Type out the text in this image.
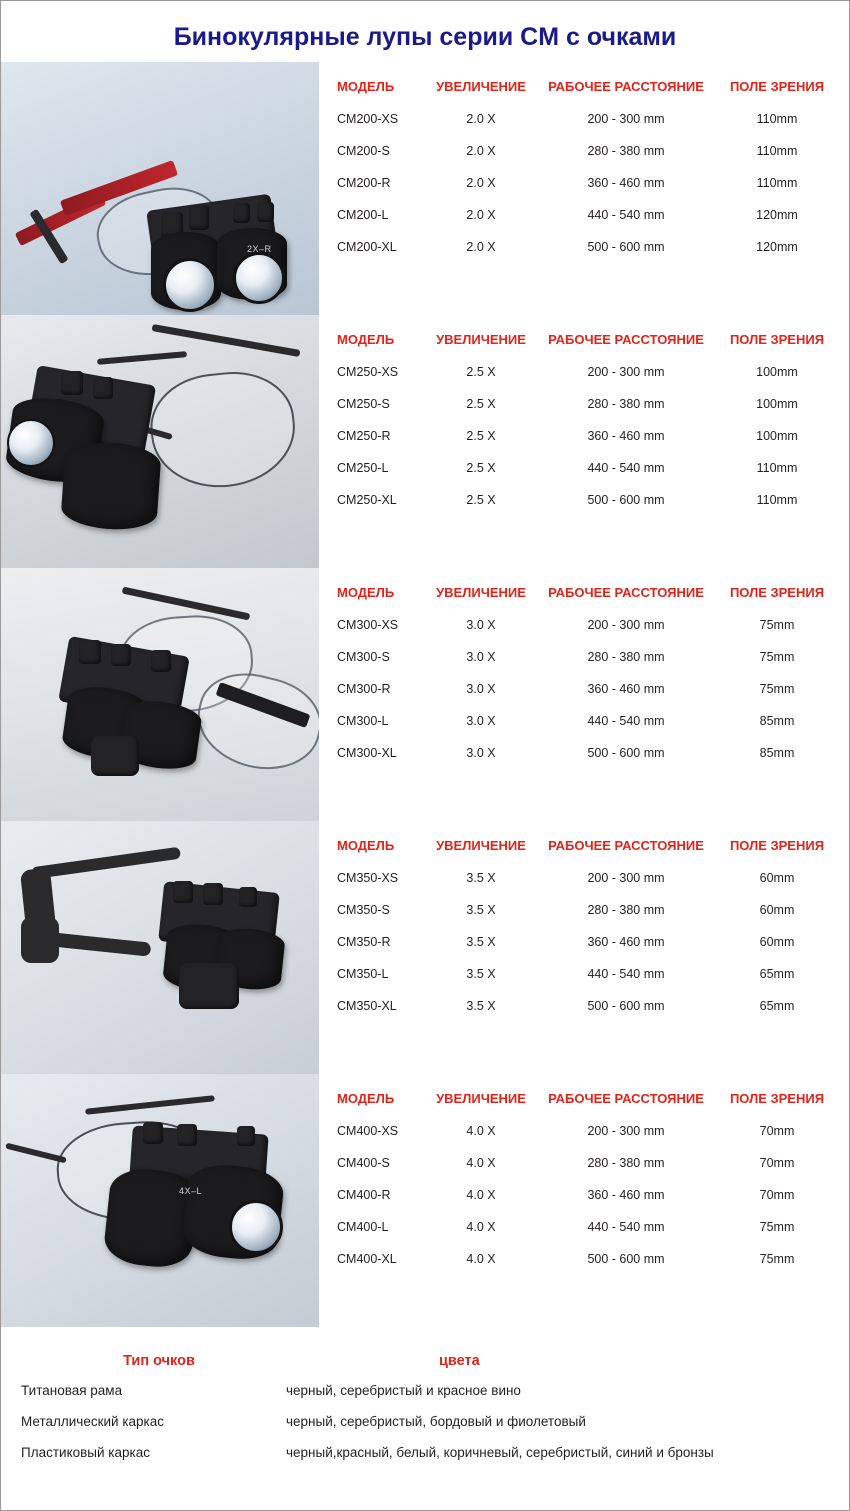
Бинокулярные лупы серии CM с очками
2X–R
МОДЕЛЬ	УВЕЛИЧЕНИЕ	РАБОЧЕЕ РАССТОЯНИЕ	ПОЛЕ ЗРЕНИЯ
CM200-XS	2.0 X	200 - 300 mm	110mm
CM200-S	2.0 X	280 - 380 mm	110mm
CM200-R	2.0 X	360 - 460 mm	110mm
CM200-L	2.0 X	440 - 540 mm	120mm
CM200-XL	2.0 X	500 - 600 mm	120mm
МОДЕЛЬ	УВЕЛИЧЕНИЕ	РАБОЧЕЕ РАССТОЯНИЕ	ПОЛЕ ЗРЕНИЯ
CM250-XS	2.5 X	200 - 300 mm	100mm
CM250-S	2.5 X	280 - 380 mm	100mm
CM250-R	2.5 X	360 - 460 mm	100mm
CM250-L	2.5 X	440 - 540 mm	110mm
CM250-XL	2.5 X	500 - 600 mm	110mm
МОДЕЛЬ	УВЕЛИЧЕНИЕ	РАБОЧЕЕ РАССТОЯНИЕ	ПОЛЕ ЗРЕНИЯ
CM300-XS	3.0 X	200 - 300 mm	75mm
CM300-S	3.0 X	280 - 380 mm	75mm
CM300-R	3.0 X	360 - 460 mm	75mm
CM300-L	3.0 X	440 - 540 mm	85mm
CM300-XL	3.0 X	500 - 600 mm	85mm
МОДЕЛЬ	УВЕЛИЧЕНИЕ	РАБОЧЕЕ РАССТОЯНИЕ	ПОЛЕ ЗРЕНИЯ
CM350-XS	3.5 X	200 - 300 mm	60mm
CM350-S	3.5 X	280 - 380 mm	60mm
CM350-R	3.5 X	360 - 460 mm	60mm
CM350-L	3.5 X	440 - 540 mm	65mm
CM350-XL	3.5 X	500 - 600 mm	65mm
4X–L
МОДЕЛЬ	УВЕЛИЧЕНИЕ	РАБОЧЕЕ РАССТОЯНИЕ	ПОЛЕ ЗРЕНИЯ
CM400-XS	4.0 X	200 - 300 mm	70mm
CM400-S	4.0 X	280 - 380 mm	70mm
CM400-R	4.0 X	360 - 460 mm	70mm
CM400-L	4.0 X	440 - 540 mm	75mm
CM400-XL	4.0 X	500 - 600 mm	75mm
Тип очков	цвета
Титановая рама	черный, серебристый и красное вино
Металлический каркас	черный, серебристый, бордовый и фиолетовый
Пластиковый каркас	черный,красный, белый, коричневый, серебристый, синий и бронзы
